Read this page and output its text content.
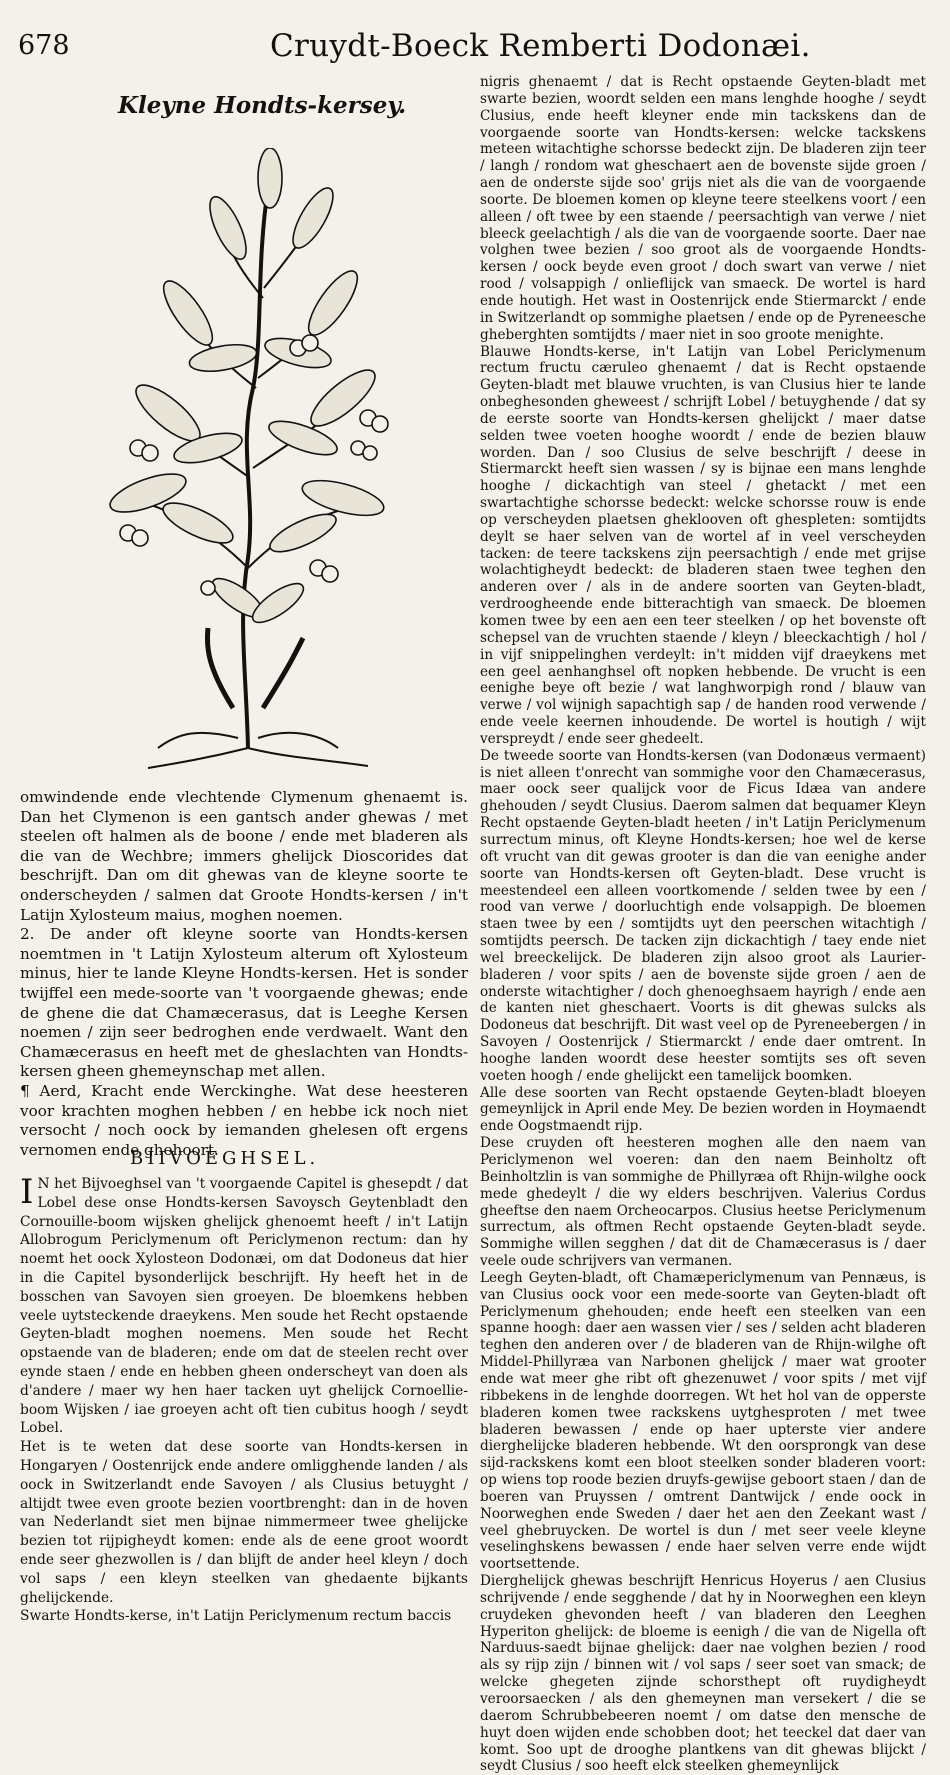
678	Cruydt-Boeck Remberti Dodonæi.
Kleyne Hondts-kersey.

nigris ghenaemt / dat is Recht opstaende Geyten-bladt met swarte bezien, woordt selden een mans lenghde hooghe / seydt Clusius, ende heeft kleyner ende min tackskens dan de voorgaende soorte van Hondts-kersen: welcke tackskens meteen witachtighe schorsse bedeckt zijn. De bladeren zijn teer / langh / rondom wat gheschaert aen de bovenste sijde groen / aen de onderste sijde soo' grijs niet als die van de voorgaende soorte. De bloemen komen op kleyne teere steelkens voort / een alleen / oft twee by een staende / peersachtigh van verwe / niet bleeck geelachtigh / als die van de voorgaende soorte. Daer nae volghen twee bezien / soo groot als de voorgaende Hondts-kersen / oock beyde even groot / doch swart van verwe / niet rood / volsappigh / onlieflijck van smaeck. De wortel is hard ende houtigh. Het wast in Oostenrijck ende Stiermarckt / ende in Switzerlandt op sommighe plaetsen / ende op de Pyreneesche gheberghten somtijdts / maer niet in soo groote menighte.

Blauwe Hondts-kerse, in't Latijn van Lobel Periclymenum rectum fructu cæruleo ghenaemt / dat is Recht opstaende Geyten-bladt met blauwe vruchten, is van Clusius hier te lande onbeghesonden gheweest / schrijft Lobel / betuyghende / dat sy de eerste soorte van Hondts-kersen ghelijckt / maer datse selden twee voeten hooghe woordt / ende de bezien blauw worden. Dan / soo Clusius de selve beschrijft / deese in Stiermarckt heeft sien wassen / sy is bijnae een mans lenghde hooghe / dickachtigh van steel / ghetackt / met een swartachtighe schorsse bedeckt: welcke schorsse rouw is ende op verscheyden plaetsen gheklooven oft ghespleten: somtijdts deylt se haer selven van de wortel af in veel verscheyden tacken: de teere tackskens zijn peersachtigh / ende met grijse wolachtigheydt bedeckt: de bladeren staen twee teghen den anderen over / als in de andere soorten van Geyten-bladt, verdroogheende ende bitterachtigh van smaeck. De bloemen komen twee by een aen een teer steelken / op het bovenste oft schepsel van de vruchten staende / kleyn / bleeckachtigh / hol / in vijf snippelinghen verdeylt: in't midden vijf draeykens met een geel aenhanghsel oft nopken hebbende. De vrucht is een eenighe beye oft bezie / wat langhworpigh rond / blauw van verwe / vol wijnigh sapachtigh sap / de handen rood verwende / ende veele keernen inhoudende. De wortel is houtigh / wijt verspreydt / ende seer ghedeelt.

De tweede soorte van Hondts-kersen (van Dodonæus vermaent) is niet alleen t'onrecht van sommighe voor den Chamæcerasus, maer oock seer qualijck voor de Ficus Idæa van andere ghehouden / seydt Clusius. Daerom salmen dat bequamer Kleyn Recht opstaende Geyten-bladt heeten / in't Latijn Periclymenum surrectum minus, oft Kleyne Hondts-kersen; hoe wel de kerse oft vrucht van dit gewas grooter is dan die van eenighe ander soorte van Hondts-kersen oft Geyten-bladt. Dese vrucht is meestendeel een alleen voortkomende / selden twee by een / rood van verwe / doorluchtigh ende volsappigh. De bloemen staen twee by een / somtijdts uyt den peerschen witachtigh / somtijdts peersch. De tacken zijn dickachtigh / taey ende niet wel breeckelijck. De bladeren zijn alsoo groot als Laurier-bladeren / voor spits / aen de bovenste sijde groen / aen de onderste witachtigher / doch ghenoeghsaem hayrigh / ende aen de kanten niet gheschaert. Voorts is dit ghewas sulcks als Dodoneus dat beschrijft. Dit wast veel op de Pyreneebergen / in Savoyen / Oostenrijck / Stiermarckt / ende daer omtrent. In hooghe landen woordt dese heester somtijts ses oft seven voeten hoogh / ende ghelijckt een tamelijck boomken.

Alle dese soorten van Recht opstaende Geyten-bladt bloeyen gemeynlijck in April ende Mey. De bezien worden in Hoymaendt ende Oogstmaendt rijp.

Dese cruyden oft heesteren moghen alle den naem van Periclymenon wel voeren: dan den naem Beinholtz oft Beinholtzlin is van sommighe de Phillyræa oft Rhijn-wilghe oock mede ghedeylt / die wy elders beschrijven. Valerius Cordus gheeftse den naem Orcheocarpos. Clusius heetse Periclymenum surrectum, als oftmen Recht opstaende Geyten-bladt seyde. Sommighe willen segghen / dat dit de Chamæcerasus is / daer veele oude schrijvers van vermanen.

Leegh Geyten-bladt, oft Chamæpericlymenum van Pennæus, is van Clusius oock voor een mede-soorte van Geyten-bladt oft Periclymenum ghehouden; ende heeft een steelken van een spanne hoogh: daer aen wassen vier / ses / selden acht bladeren teghen den anderen over / de bladeren van de Rhijn-wilghe oft Middel-Phillyræa van Narbonen ghelijck / maer wat grooter ende wat meer ghe ribt oft ghezenuwet / voor spits / met vijf ribbekens in de lenghde doorregen. Wt het hol van de opperste bladeren komen twee rackskens uytghesproten / met twee bladeren bewassen / ende op haer upterste vier andere dierghelijcke bladeren hebbende. Wt den oorsprongk van dese sijd-rackskens komt een bloot steelken sonder bladeren voort: op wiens top roode bezien druyfs-gewijse geboort staen / dan de boeren van Pruyssen / omtrent Dantwijck / ende oock in Noorweghen ende Sweden / daer het aen den Zeekant wast / veel ghebruycken. De wortel is dun / met seer veele kleyne veselinghskens bewassen / ende haer selven verre ende wijdt voortsettende.

Dierghelijck ghewas beschrijft Henricus Hoyerus / aen Clusius schrijvende / ende segghende / dat hy in Noorweghen een kleyn cruydeken ghevonden heeft / van bladeren den Leeghen Hyperiton ghelijck: de bloeme is eenigh / die van de Nigella oft Narduus-saedt bijnae ghelijck: daer nae volghen bezien / rood als sy rijp zijn / binnen wit / vol saps / seer soet van smack; de welcke ghegeten zijnde schorsthept oft ruydigheydt veroorsaecken / als den ghemeynen man versekert / die se daerom Schrubbebeeren noemt / om datse den mensche de huyt doen wijden ende schobben doot; het teeckel dat daer van komt. Soo upt de drooghe plantkens van dit ghewas blijckt / seydt Clusius / soo heeft elck steelken ghemeynlijck

omwindende ende vlechtende Clymenum ghenaemt is. Dan het Clymenon is een gantsch ander ghewas / met steelen oft halmen als de boone / ende met bladeren als die van de Wechbre; immers ghelijck Dioscorides dat beschrijft. Dan om dit ghewas van de kleyne soorte te onderscheyden / salmen dat Groote Hondts-kersen / in't Latijn Xylosteum maius, moghen noemen.

2. De ander oft kleyne soorte van Hondts-kersen noemtmen in 't Latijn Xylosteum alterum oft Xylosteum minus, hier te lande Kleyne Hondts-kersen. Het is sonder twijffel een mede-soorte van 't voorgaende ghewas; ende de ghene die dat Chamæcerasus, dat is Leeghe Kersen noemen / zijn seer bedroghen ende verdwaelt. Want den Chamæcerasus en heeft met de gheslachten van Hondts-kersen gheen ghemeynschap met allen.

¶ Aerd, Kracht ende Werckinghe. Wat dese heesteren voor krachten moghen hebben / en hebbe ick noch niet versocht / noch oock by iemanden ghelesen oft ergens vernomen ende ghehoort.

BIIVOEGHSEL.

I N het Bijvoeghsel van 't voorgaende Capitel is ghesepdt / dat Lobel dese onse Hondts-kersen Savoysch Geytenbladt den Cornouille-boom wijsken ghelijck ghenoemt heeft / in't Latijn Allobrogum Periclymenum oft Periclymenon rectum: dan hy noemt het oock Xylosteon Dodonæi, om dat Dodoneus dat hier in die Capitel bysonderlijck beschrijft. Hy heeft het in de bosschen van Savoyen sien groeyen. De bloemkens hebben veele uytsteckende draeykens. Men soude het Recht opstaende Geyten-bladt moghen noemens. Men soude het Recht opstaende van de bladeren; ende om dat de steelen recht over eynde staen / ende en hebben gheen onderscheyt van doen als d'andere / maer wy hen haer tacken uyt ghelijck Cornoellie-boom Wijsken / iae groeyen acht oft tien cubitus hoogh / seydt Lobel.

Het is te weten dat dese soorte van Hondts-kersen in Hongaryen / Oostenrijck ende andere omligghende landen / als oock in Switzerlandt ende Savoyen / als Clusius betuyght / altijdt twee even groote bezien voortbrenght: dan in de hoven van Nederlandt siet men bijnae nimmermeer twee ghelijcke bezien tot rijpigheydt komen: ende als de eene groot woordt ende seer ghezwollen is / dan blijft de ander heel kleyn / doch vol saps / een kleyn steelken van ghedaente bijkants ghelijckende.

Swarte Hondts-kerse, in't Latijn Periclymenum rectum baccis
